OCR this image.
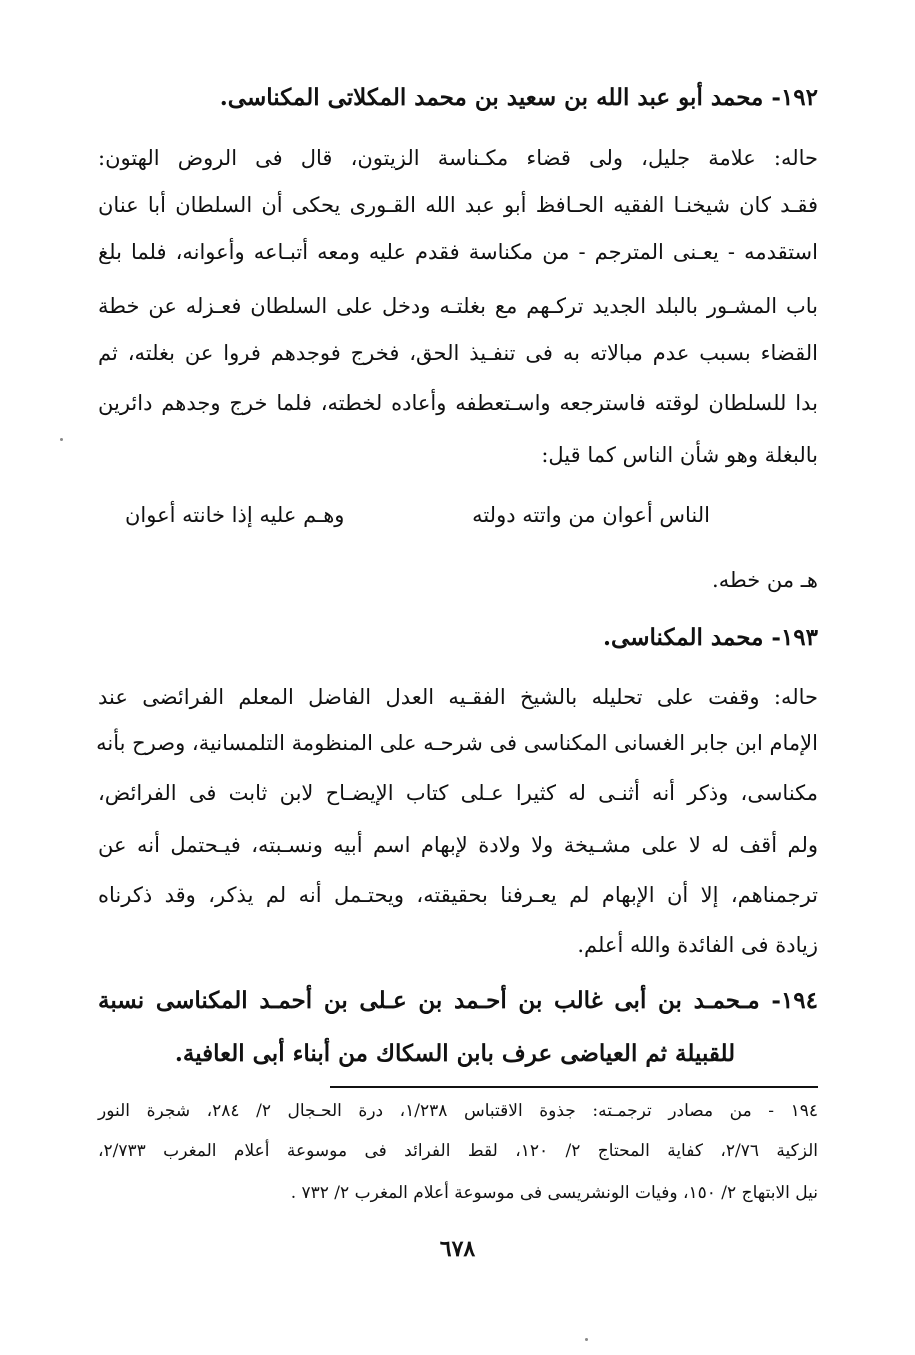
١٩٢- محمد أبو عبد الله بن سعيد بن محمد المكلاتى المكناسى.
حاله: علامة جليل، ولى قضاء مكـناسة الزيتون، قال فى الروض الهتون:
فقـد كان شيخنـا الفقيه الحـافظ أبو عبد الله القـورى يحكى أن السلطان أبا عنان
استقدمه - يعـنى المترجم - من مكناسة فقدم عليه ومعه أتبـاعه وأعوانه، فلما بلغ
باب المشـور بالبلد الجديد تركـهم مع بغلتـه ودخل على السلطان فعـزله عن خطة
القضاء بسبب عدم مبالاته به فى تنفـيذ الحق، فخرج فوجدهم فروا عن بغلته، ثم
بدا للسلطان لوقته فاسترجعه واسـتعطفه وأعاده لخطته، فلما خرج وجدهم دائرين
بالبغلة وهو شأن الناس كما قيل:
الناس أعوان من واتته دولته
وهـم عليه إذا خانته أعوان
هـ من خطه.
١٩٣- محمد المكناسى.
حاله: وقفت على تحليله بالشيخ الفقـيه العدل الفاضل المعلم الفرائضى عند
الإمام ابن جابر الغسانى المكناسى فى شرحـه على المنظومة التلمسانية، وصرح بأنه
مكناسى، وذكر أنه أثنـى له كثيرا عـلى كتاب الإيضـاح لابن ثابت فى الفرائض،
ولم أقف له لا على مشـيخة ولا ولادة لإبهام اسم أبيه ونسـبته، فيـحتمل أنه عن
ترجمناهم، إلا أن الإبهام لم يعـرفنا بحقيقته، ويحتـمل أنه لم يذكر، وقد ذكرناه
زيادة فى الفائدة والله أعلم.
١٩٤- مـحمـد بن أبى غالب بن أحـمد بن عـلى بن أحمـد المكناسى نسبة
للقبيلة ثم العياضى عرف بابن السكاك من أبناء أبى العافية.
١٩٤ - من مصادر ترجمـته: جذوة الاقتباس ١/٢٣٨، درة الحـجال ٢/ ٢٨٤، شجرة النور
الزكية ٢/٧٦، كفاية المحتاج ٢/ ١٢٠، لقط الفرائد فى موسوعة أعلام المغرب ٢/٧٣٣،
نيل الابتهاج ٢/ ١٥٠، وفيات الونشريسى فى موسوعة أعلام المغرب ٢/ ٧٣٢ .
٦٧٨
